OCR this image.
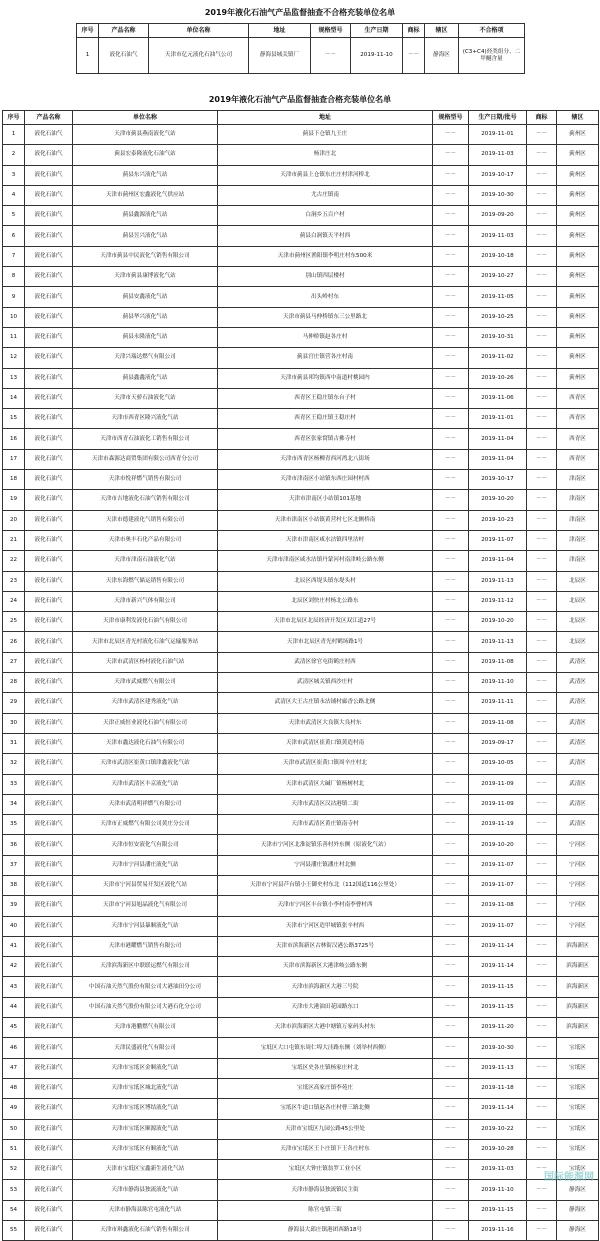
2019年液化石油气产品监督抽查不合格充装单位名单
序号	产品名称	单位名称	地址	规格型号	生产日期	商标	辖区	不合格项
1	液化石油气	天津市亿元液化石油气公司	静海县城关镇厂	－－	2019-11-10	－－	静海区	(C3+C4)烃类组分、二甲醚含量
2019年液化石油气产品监督抽查合格充装单位名单
序号	产品名称	单位名称	地址	规格型号	生产日期/批号	商标	辖区
1	液化石油气	天津市蓟县燕南液化气站	蓟县下仓镇九王庄	－－	2019-11-01	－－	蓟州区
2	液化石油气	蓟县宏泰隆液化石油气站	杨津庄北	－－	2019-11-03	－－	蓟州区
3	液化石油气	蓟县东兴液化气站	天津市蓟县上仓镇东庄庄村津河桥北	－－	2019-10-17	－－	蓟州区
4	液化石油气	天津市蓟州区宏鑫液化气供应站	尤古庄镇南	－－	2019-10-30	－－	蓟州区
5	液化石油气	蓟县鑫源液化气站	白涧乡五百户村	－－	2019-09-20	－－	蓟州区
6	液化石油气	蓟县昱兴液化气站	蓟县白涧镇天平村西	－－	2019-11-03	－－	蓟州区
7	液化石油气	天津市蓟县中民液化气销售有限公司	天津市蓟州区渔阳镇李明庄村东500米	－－	2019-10-18	－－	蓟州区
8	液化石油气	天津市蓟县康博液化气站	别山镇四层楼村	－－	2019-10-27	－－	蓟州区
9	液化石油气	蓟县安鑫液化气站	出头岭村东	－－	2019-11-05	－－	蓟州区
10	液化石油气	蓟县华兴液化气站	天津市蓟县马伸桥镇东三公里路北	－－	2019-10-25	－－	蓟州区
11	液化石油气	蓟县永隆液化气站	马伸桥镇赵各庄村	－－	2019-10-31	－－	蓟州区
12	液化石油气	天津兴瑞达燃气有限公司	蓟县官庄镇营各庄村南	－－	2019-11-02	－－	蓟州区
13	液化石油气	蓟县鑫鑫液化气站	天津市蓟县邦均镇西中南道村桃园内	－－	2019-10-26	－－	蓟州区
14	液化石油气	天津市天骄石油液化气站	西青区王稳庄镇东台子村	－－	2019-11-06	－－	西青区
15	液化石油气	天津市西青区隆兴液化气站	西青区王稳庄镇王稳庄村	－－	2019-11-01	－－	西青区
16	液化石油气	天津市西青石油液化工销售有限公司	西青区张家窝镇古佛寺村	－－	2019-11-04	－－	西青区
17	液化石油气	天津市森源达商贸集团有限公司西青分公司	天津市西青区杨柳青西河湾北八街场	－－	2019-11-04	－－	西青区
18	液化石油气	天津市悦祥燃气销售有限公司	天津市津南区小站镇东西庄园村村西	－－	2019-10-17	－－	津南区
19	液化石油气	天津市吉地液化石油气销售有限公司	天津市津南区小站镇101基地	－－	2019-10-20	－－	津南区
20	液化石油气	天津市德建液化气销售有限公司	天津市津南区小站镇黄营村七区北侧桥南	－－	2019-10-23	－－	津南区
21	液化石油气	天津市奥丰石化产品有限公司	天津市津南区咸水沽镇四里沽村	－－	2019-11-07	－－	津南区
22	液化石油气	天津市津南石油液化气站	天津市津南区咸水沽镇丹蒙河村南津岐公路东侧	－－	2019-11-04	－－	津南区
23	液化石油气	天津东海燃气储运销售有限公司	北辰区西堤头镇东堤头村	－－	2019-11-13	－－	北辰区
24	液化石油气	天津市新兴气体有限公司	北辰区刘快庄村杨北公路东	－－	2019-11-12	－－	北辰区
25	液化石油气	天津市康利发液化石油气有限公司	天津市北辰区北辰经济开发区双江道27号	－－	2019-10-20	－－	北辰区
26	液化石油气	天津市北辰区青光村液化石油气运输服务站	天津市北辰区青光村鹤场路1号	－－	2019-11-13	－－	北辰区
27	液化石油气	天津市武清区杨村液化石油气站	武清区徐官屯街鹤庄村西	－－	2019-11-08	－－	武清区
28	液化石油气	天津市武威燃气有限公司	武清区城关镇西沙庄村	－－	2019-11-10	－－	武清区
29	液化石油气	天津市武清区建秀液化气站	武清区大王古庄镇永沽铺村廊香公路北侧	－－	2019-11-11	－－	武清区
30	液化石油气	天津正威恒业液化石油气有限公司	天津市武清区大良镇大良村东	－－	2019-11-08	－－	武清区
31	液化石油气	天津市鑫达液化石油气有限公司	天津市武清区崔黄口镇黄造村南	－－	2019-09-17	－－	武清区
32	液化石油气	天津市武清区崔黄口镇津鑫液化气站	天津市武清区崔黄口镇周辛庄村北	－－	2019-10-05	－－	武清区
33	液化石油气	天津市武清区丰京液化气站	天津市武清区大碱厂镇杨树村北	－－	2019-11-09	－－	武清区
34	液化石油气	天津市武清明祥燃气有限公司	天津市武清区汉沽港镇二街	－－	2019-11-09	－－	武清区
35	液化石油气	天津市正威燃气有限公司黄庄分公司	天津市武清区黄庄镇南寺村	－－	2019-11-19	－－	武清区
36	液化石油气	天津市恒安液化气有限公司	天津市宁河区北淮淀镇乐善村外东侧（原液化气站）	－－	2019-10-20	－－	宁河区
37	液化石油气	天津市宁河县潘庄液化气站	宁河县潘庄镇潘庄村北侧	－－	2019-11-07	－－	宁河区
38	液化石油气	天津市宁河县贸易开发区液化气站	天津市宁河县芦台镇小王御史村东北（112国道116公里处）	－－	2019-11-07	－－	宁河区
39	液化石油气	天津市宁河县旭晶液化气有限公司	天津市宁河区丰台镇小李村南李曹村西	－－	2019-11-08	－－	宁河区
40	液化石油气	天津市宁河县暴顺液化气站	天津市宁河区造甲城镇张辛村西	－－	2019-11-07	－－	宁河区
41	液化石油气	天津市港耀燃气销售有限公司	天津市滨海新区古林街汉港公路3725号	－－	2019-11-14	－－	滨海新区
42	液化石油气	天津滨海新区中联联运燃气有限公司	天津市滨海新区大港津岐公路东侧	－－	2019-11-14	－－	滨海新区
43	液化石油气	中国石油天然气股份有限公司大港油田分公司	天津市滨海新区大港三号院	－－	2019-11-15	－－	滨海新区
44	液化石油气	中国石油天然气股份有限公司大港石化分公司	天津市大港油田花园路东口	－－	2019-11-15	－－	滨海新区
45	液化石油气	天津市港鹏燃气有限公司	天津市滨海新区大港中塘镇万家码头村东	－－	2019-11-20	－－	滨海新区
46	液化石油气	天津民盛液化气有限公司	宝坻区大口屯镇东周仁埠大洼路东侧（刘举村西侧）	－－	2019-10-30	－－	宝坻区
47	液化石油气	天津市宝坻区金顺液化气站	宝坻区史各庄镇杨家庄村北	－－	2019-11-13	－－	宝坻区
48	液化石油气	天津市宝坻区城北液化气站	宝坻区高家庄镇李苑庄	－－	2019-11-18	－－	宝坻区
49	液化石油气	天津市宝坻区博结液化气站	宝坻区牛道口镇赵各庄村曹三路北侧	－－	2019-11-14	－－	宝坻区
50	液化石油气	天津市宝坻区顺源液化气站	天津市宝坻区九园公路45公里处	－－	2019-10-22	－－	宝坻区
51	液化石油气	天津市宝坻区有顺液化气站	天津市宝坻区王卜庄镇下王各庄村东	－－	2019-10-28	－－	宝坻区
52	液化石油气	天津市宝坻区宝鑫新生液化气站	宝坻区大钟庄镇翁罗工业小区	－－	2019-11-03	－－	宝坻区
53	液化石油气	天津市静海县独流液化气站	天津市静海县独流镇民主街	－－	2019-11-10	－－	静海区
54	液化石油气	天津市静海县陈官屯液化气站	陈官屯镇三街	－－	2019-11-15	－－	静海区
55	液化石油气	天津市琪鑫液化石油气销售有限公司	静海县大邱庄镇港团西路18号	－－	2019-11-16	－－	静海区
国际能源网
